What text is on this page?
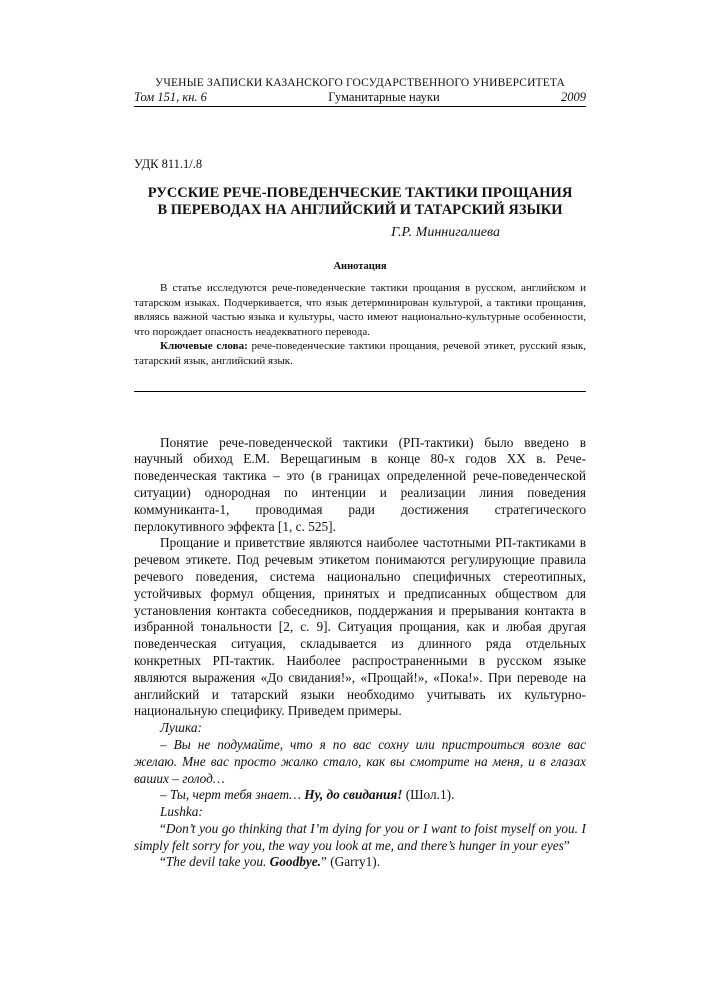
УЧЕНЫЕ ЗАПИСКИ КАЗАНСКОГО ГОСУДАРСТВЕННОГО УНИВЕРСИТЕТА
Том 151, кн. 6	Гуманитарные науки	2009
УДК 811.1/.8
РУССКИЕ РЕЧЕ-ПОВЕДЕНЧЕСКИЕ ТАКТИКИ ПРОЩАНИЯ
В ПЕРЕВОДАХ НА АНГЛИЙСКИЙ И ТАТАРСКИЙ ЯЗЫКИ
Г.Р. Миннигалиева
Аннотация

В статье исследуются рече-поведенческие тактики прощания в русском, английском и татарском языках. Подчеркивается, что язык детерминирован культурой, а тактики прощания, являясь важной частью языка и культуры, часто имеют национально-культурные особенности, что порождает опасность неадекватного перевода.

Ключевые слова: рече-поведенческие тактики прощания, речевой этикет, русский язык, татарский язык, английский язык.

Понятие рече-поведенческой тактики (РП-тактики) было введено в научный обиход Е.М. Верещагиным в конце 80-х годов XX в. Рече-поведенческая тактика – это (в границах определенной рече-поведенческой ситуации) однородная по интенции и реализации линия поведения коммуниканта-1, проводимая ради достижения стратегического перлокутивного эффекта [1, с. 525].

Прощание и приветствие являются наиболее частотными РП-тактиками в речевом этикете. Под речевым этикетом понимаются регулирующие правила речевого поведения, система национально специфичных стереотипных, устойчивых формул общения, принятых и предписанных обществом для установления контакта собеседников, поддержания и прерывания контакта в избранной тональности [2, с. 9]. Ситуация прощания, как и любая другая поведенческая ситуация, складывается из длинного ряда отдельных конкретных РП-тактик. Наиболее распространенными в русском языке являются выражения «До свидания!», «Прощай!», «Пока!». При переводе на английский и татарский языки необходимо учитывать их культурно-национальную специфику. Приведем примеры.

Лушка:

– Вы не подумайте, что я по вас сохну или пристроиться возле вас желаю. Мне вас просто жалко стало, как вы смотрите на меня, и в глазах ваших – голод…

– Ты, черт тебя знает… Ну, до свидания! (Шол.1).

Lushka:

“Don’t you go thinking that I’m dying for you or I want to foist myself on you. I simply felt sorry for you, the way you look at me, and there’s hunger in your eyes”

“The devil take you. Goodbye.” (Garry1).
